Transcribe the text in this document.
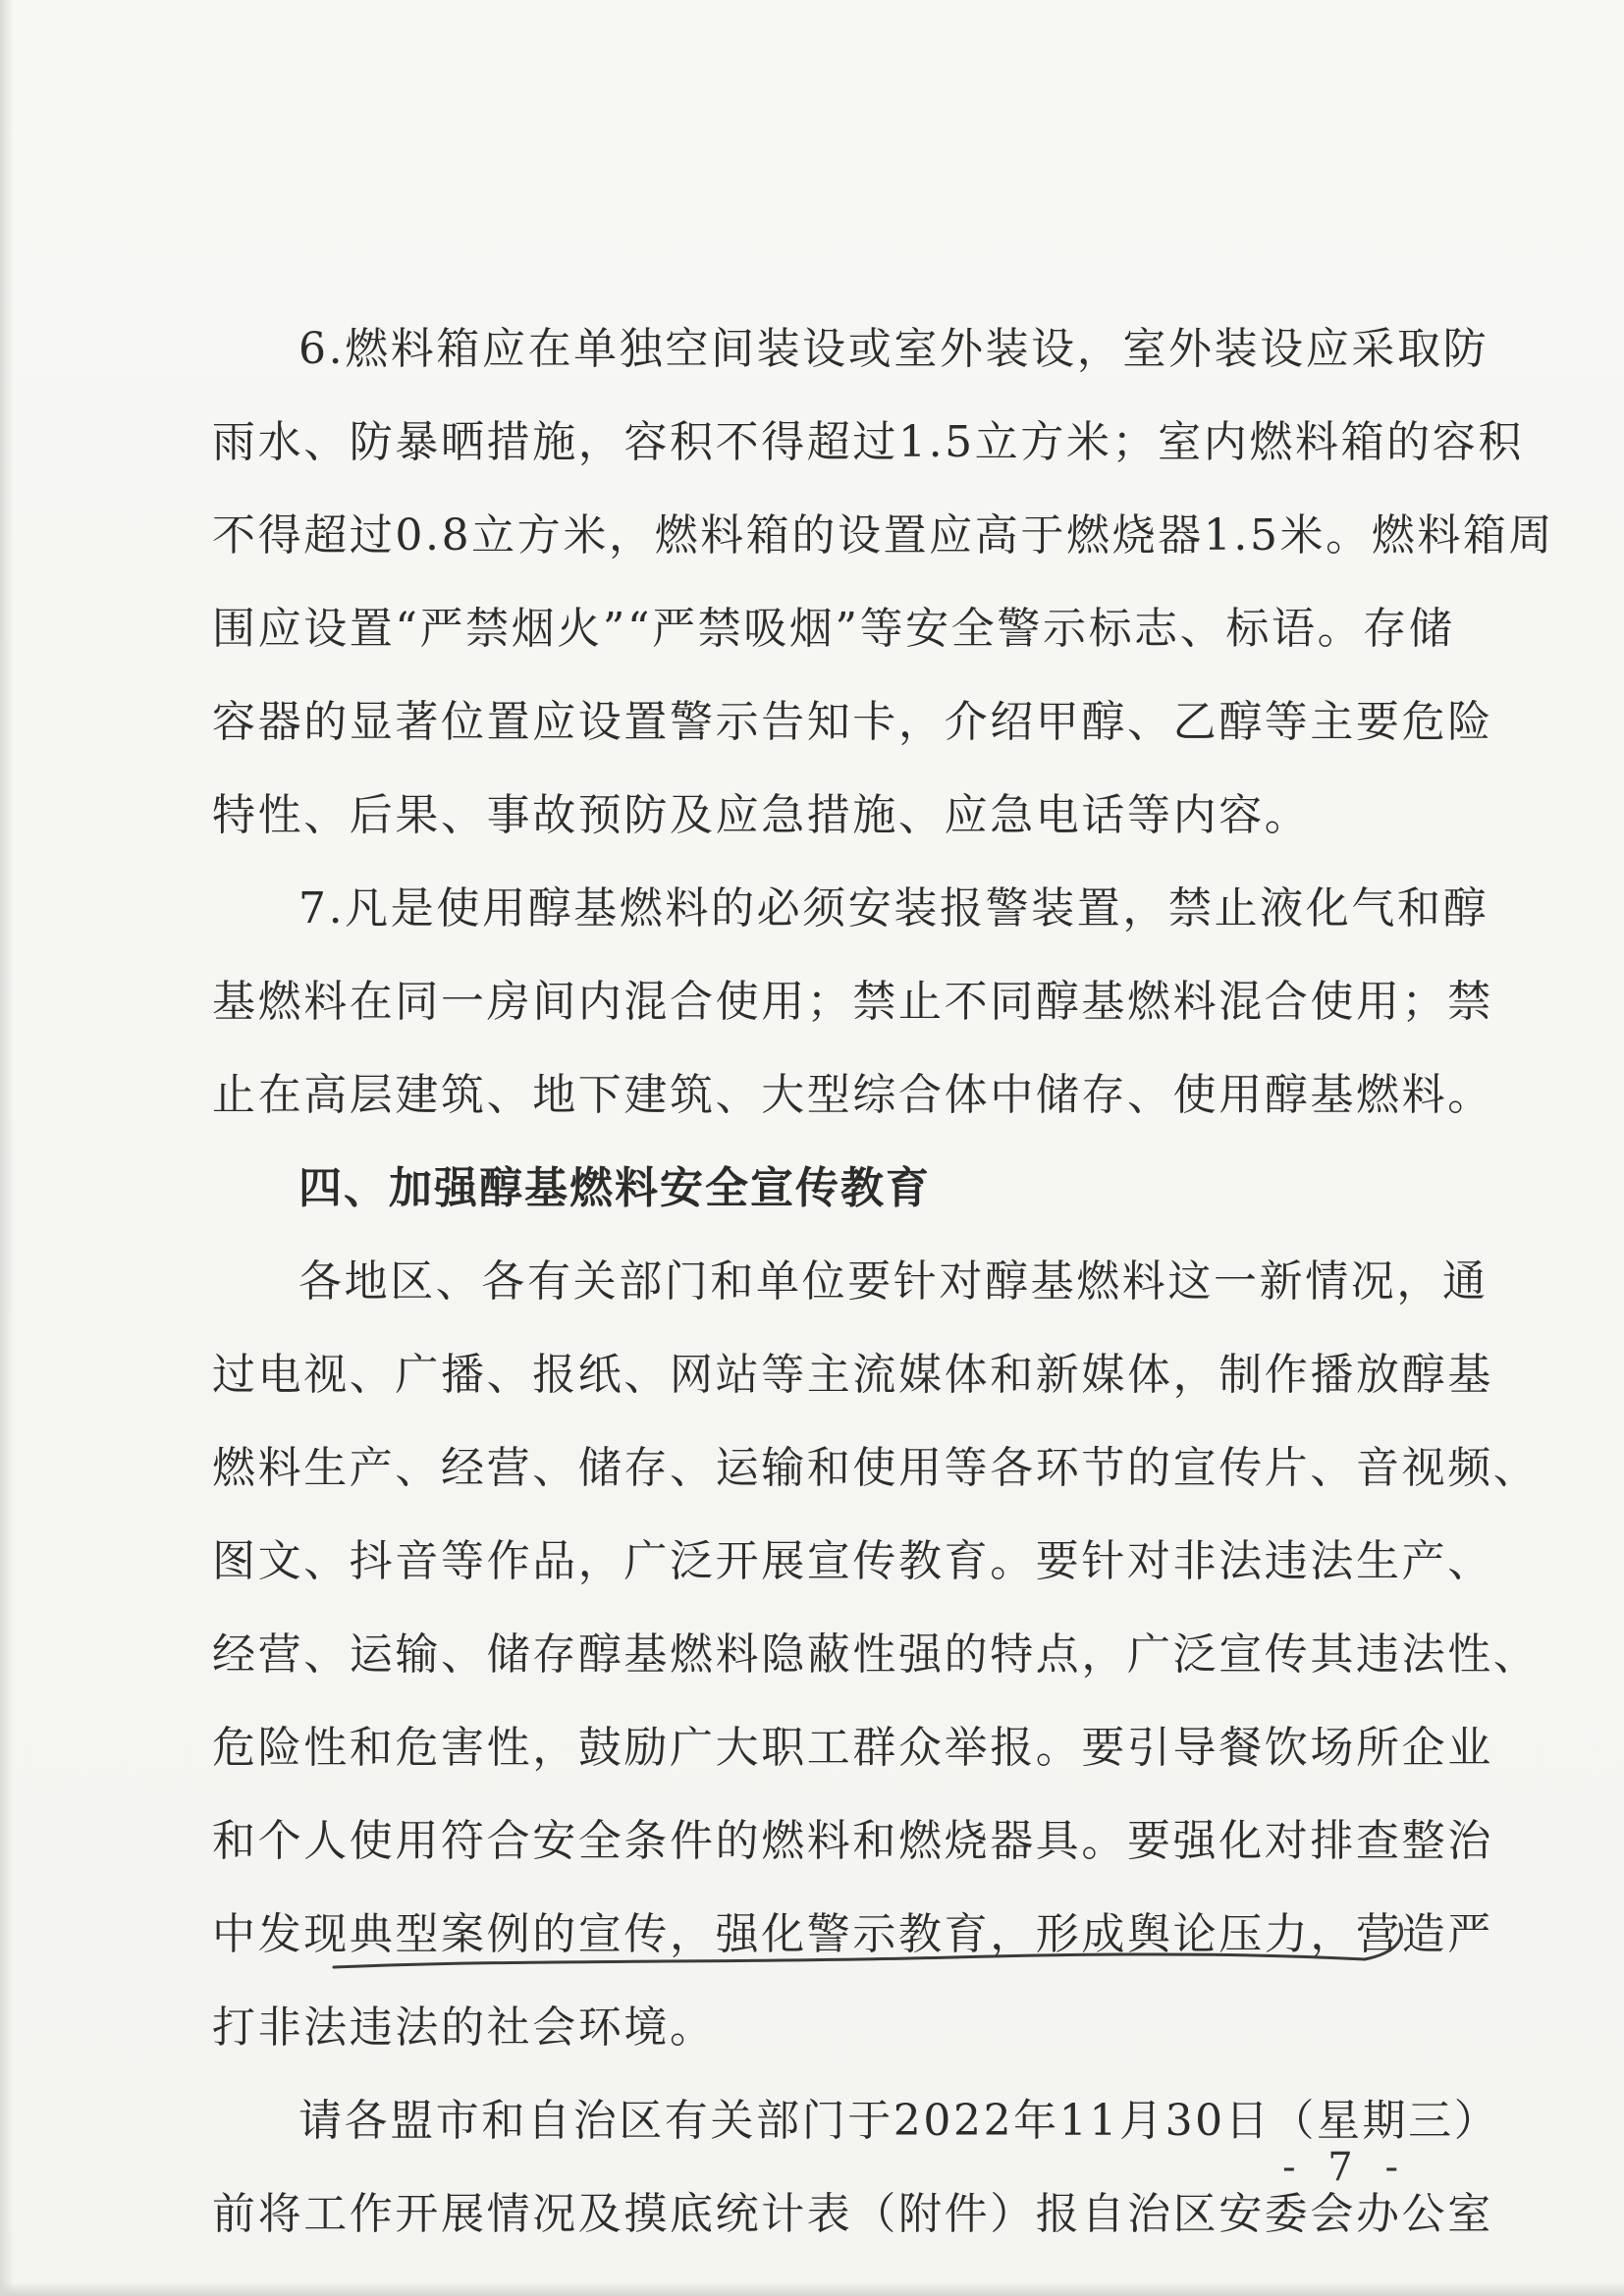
6.燃料箱应在单独空间装设或室外装设，室外装设应采取防
雨水、防暴晒措施，容积不得超过1.5立方米；室内燃料箱的容积
不得超过0.8立方米，燃料箱的设置应高于燃烧器1.5米。燃料箱周
围应设置“严禁烟火”“严禁吸烟”等安全警示标志、标语。存储
容器的显著位置应设置警示告知卡，介绍甲醇、乙醇等主要危险
特性、后果、事故预防及应急措施、应急电话等内容。
7.凡是使用醇基燃料的必须安装报警装置，禁止液化气和醇
基燃料在同一房间内混合使用；禁止不同醇基燃料混合使用；禁
止在高层建筑、地下建筑、大型综合体中储存、使用醇基燃料。
四、加强醇基燃料安全宣传教育
各地区、各有关部门和单位要针对醇基燃料这一新情况，通
过电视、广播、报纸、网站等主流媒体和新媒体，制作播放醇基
燃料生产、经营、储存、运输和使用等各环节的宣传片、音视频、
图文、抖音等作品，广泛开展宣传教育。要针对非法违法生产、
经营、运输、储存醇基燃料隐蔽性强的特点，广泛宣传其违法性、
危险性和危害性，鼓励广大职工群众举报。要引导餐饮场所企业
和个人使用符合安全条件的燃料和燃烧器具。要强化对排查整治
中发现典型案例的宣传，强化警示教育，形成舆论压力，营造严
打非法违法的社会环境。
请各盟市和自治区有关部门于2022年11月30日（星期三）
前将工作开展情况及摸底统计表（附件）报自治区安委会办公室
- 7 -
